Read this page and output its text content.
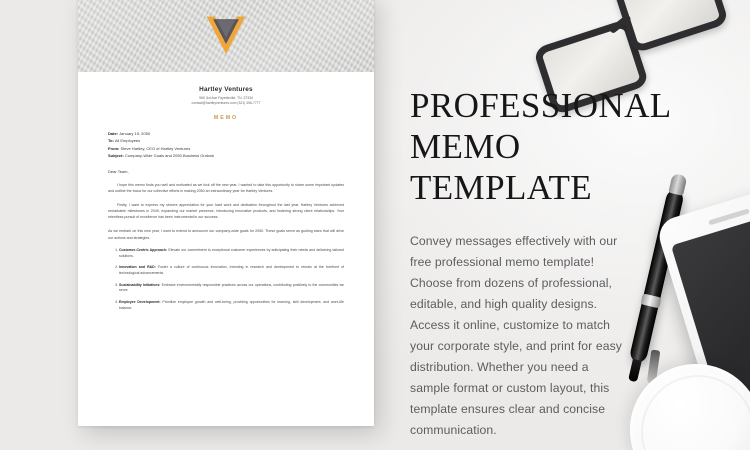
Hartley Ventures
965 3rd Ave Fayetteville, TN, 37334
contact@hartleyventures.com (321) 456-7777
MEMO
Date: January 15, 2050
To: All Employees
From: Steve Hartley, CEO of Hartley Ventures
Subject: Company-Wide Goals and 2050 Business Outlook
Dear Team,

I hope this memo finds you well and motivated as we kick off the new year. I wanted to take this opportunity to share some important updates and outline the focus for our collective efforts in making 2050 an extraordinary year for Hartley Ventures.

Firstly, I want to express my sincere appreciation for your hard work and dedication throughout the last year. Hartley Ventures achieved remarkable milestones in 2049, expanding our market presence, introducing innovative products, and fostering strong client relationships. Your relentless pursuit of excellence has been instrumental in our success.

As we embark on this new year, I want to extend to announce our company-wide goals for 2050. These goals serve as guiding stars that will drive our actions and strategies.

1. Customer-Centric Approach: Elevate our commitment to exceptional customer experiences by anticipating their needs and delivering tailored solutions.
2. Innovation and R&D: Foster a culture of continuous innovation, investing in research and development to remain at the forefront of technological advancements.
3. Sustainability Initiatives: Embrace environmentally responsible practices across our operations, contributing positively to the communities we serve.
4. Employee Development: Prioritize employee growth and well-being, providing opportunities for learning, skill development, and work-life balance.
PROFESSIONAL
MEMO
TEMPLATE

Convey messages effectively with our free professional memo template! Choose from dozens of professional, editable, and high quality designs. Access it online, customize to match your corporate style, and print for easy distribution. Whether you need a sample format or custom layout, this template ensures clear and concise communication.
